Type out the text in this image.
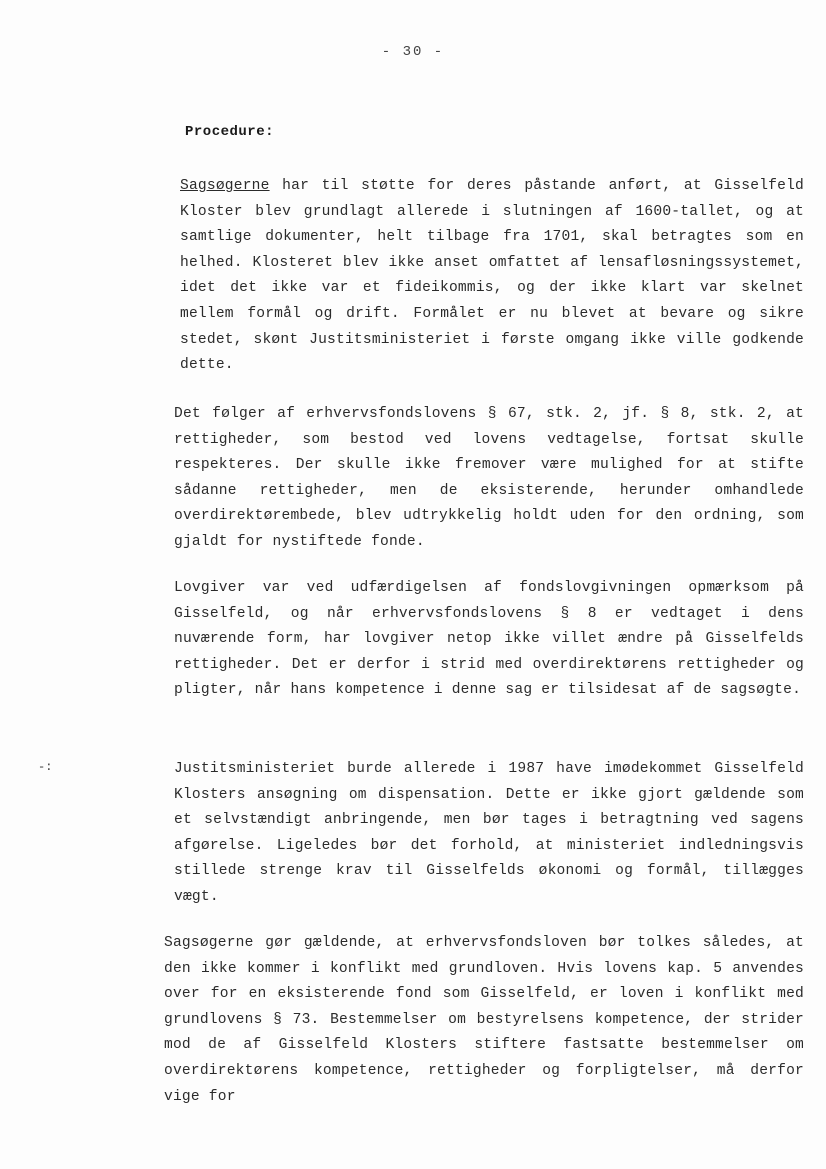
- 30 -
Procedure:

Sagsøgerne har til støtte for deres påstande anført, at Gisselfeld Kloster blev grundlagt allerede i slutningen af 1600-tallet, og at samtlige dokumenter, helt tilbage fra 1701, skal betragtes som en helhed. Klosteret blev ikke anset omfattet af lensafløsningssystemet, idet det ikke var et fideikommis, og der ikke klart var skelnet mellem formål og drift. Formålet er nu blevet at bevare og sikre stedet, skønt Justitsministeriet i første omgang ikke ville godkende dette.

Det følger af erhvervsfondslovens § 67, stk. 2, jf. § 8, stk. 2, at rettigheder, som bestod ved lovens vedtagelse, fortsat skulle respekteres. Der skulle ikke fremover være mulighed for at stifte sådanne rettigheder, men de eksisterende, herunder omhandlede overdirektørembede, blev udtrykkelig holdt uden for den ordning, som gjaldt for nystiftede fonde.

Lovgiver var ved udfærdigelsen af fondslovgivningen opmærksom på Gisselfeld, og når erhvervsfondslovens § 8 er vedtaget i dens nuværende form, har lovgiver netop ikke villet ændre på Gisselfelds rettigheder. Det er derfor i strid med overdirektørens rettigheder og pligter, når hans kompetence i denne sag er tilsidesat af de sagsøgte.

-:	Justitsministeriet burde allerede i 1987 have imødekommet Gisselfeld Klosters ansøgning om dispensation. Dette er ikke gjort gældende som et selvstændigt anbringende, men bør tages i betragtning ved sagens afgørelse. Ligeledes bør det forhold, at ministeriet indledningsvis stillede strenge krav til Gisselfelds økonomi og formål, tillægges vægt.

Sagsøgerne gør gældende, at erhvervsfondsloven bør tolkes således, at den ikke kommer i konflikt med grundloven. Hvis lovens kap. 5 anvendes over for en eksisterende fond som Gisselfeld, er loven i konflikt med grundlovens § 73. Bestemmelser om bestyrelsens kompetence, der strider mod de af Gisselfeld Klosters stiftere fastsatte bestemmelser om overdirektørens kompetence, rettigheder og forpligtelser, må derfor vige for
